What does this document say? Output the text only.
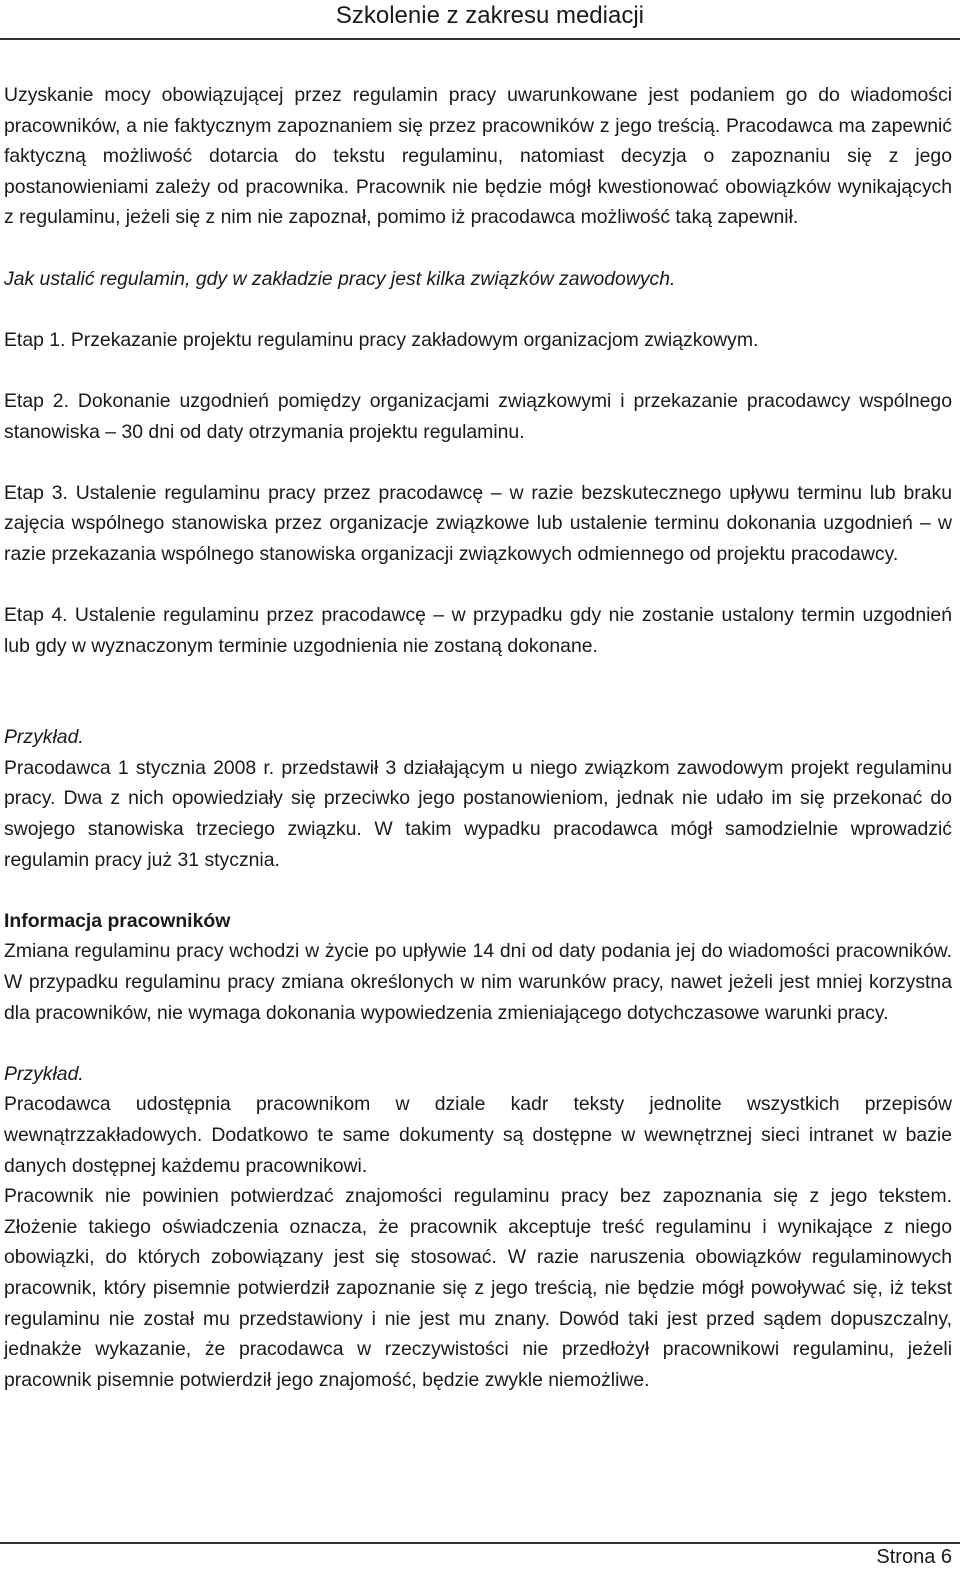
Szkolenie z zakresu mediacji

Uzyskanie mocy obowiązującej przez regulamin pracy uwarunkowane jest podaniem go do wiadomości pracowników, a nie faktycznym zapoznaniem się przez pracowników z jego treścią. Pracodawca ma zapewnić faktyczną możliwość dotarcia do tekstu regulaminu, natomiast decyzja o zapoznaniu się z jego postanowieniami zależy od pracownika. Pracownik nie będzie mógł kwestionować obowiązków wynikających z regulaminu, jeżeli się z nim nie zapoznał, pomimo iż pracodawca możliwość taką zapewnił.

Jak ustalić regulamin, gdy w zakładzie pracy jest kilka związków zawodowych.

Etap 1. Przekazanie projektu regulaminu pracy zakładowym organizacjom związkowym.

Etap 2. Dokonanie uzgodnień pomiędzy organizacjami związkowymi i przekazanie pracodawcy wspólnego stanowiska – 30 dni od daty otrzymania projektu regulaminu.

Etap 3. Ustalenie regulaminu pracy przez pracodawcę – w razie bezskutecznego upływu terminu lub braku zajęcia wspólnego stanowiska przez organizacje związkowe lub ustalenie terminu dokonania uzgodnień – w razie przekazania wspólnego stanowiska organizacji związkowych odmiennego od projektu pracodawcy.

Etap 4. Ustalenie regulaminu przez pracodawcę – w przypadku gdy nie zostanie ustalony termin uzgodnień lub gdy w wyznaczonym terminie uzgodnienia nie zostaną dokonane.

Przykład.

Pracodawca 1 stycznia 2008 r. przedstawił 3 działającym u niego związkom zawodowym projekt regulaminu pracy. Dwa z nich opowiedziały się przeciwko jego postanowieniom, jednak nie udało im się przekonać do swojego stanowiska trzeciego związku. W takim wypadku pracodawca mógł samodzielnie wprowadzić regulamin pracy już 31 stycznia.

Informacja pracowników

Zmiana regulaminu pracy wchodzi w życie po upływie 14 dni od daty podania jej do wiadomości pracowników. W przypadku regulaminu pracy zmiana określonych w nim warunków pracy, nawet jeżeli jest mniej korzystna dla pracowników, nie wymaga dokonania wypowiedzenia zmieniającego dotychczasowe warunki pracy.

Przykład.

Pracodawca udostępnia pracownikom w dziale kadr teksty jednolite wszystkich przepisów wewnątrzzakładowych. Dodatkowo te same dokumenty są dostępne w wewnętrznej sieci intranet w bazie danych dostępnej każdemu pracownikowi.

Pracownik nie powinien potwierdzać znajomości regulaminu pracy bez zapoznania się z jego tekstem. Złożenie takiego oświadczenia oznacza, że pracownik akceptuje treść regulaminu i wynikające z niego obowiązki, do których zobowiązany jest się stosować. W razie naruszenia obowiązków regulaminowych pracownik, który pisemnie potwierdził zapoznanie się z jego treścią, nie będzie mógł powoływać się, iż tekst regulaminu nie został mu przedstawiony i nie jest mu znany. Dowód taki jest przed sądem dopuszczalny, jednakże wykazanie, że pracodawca w rzeczywistości nie przedłożył pracownikowi regulaminu, jeżeli pracownik pisemnie potwierdził jego znajomość, będzie zwykle niemożliwe.

Strona 6
